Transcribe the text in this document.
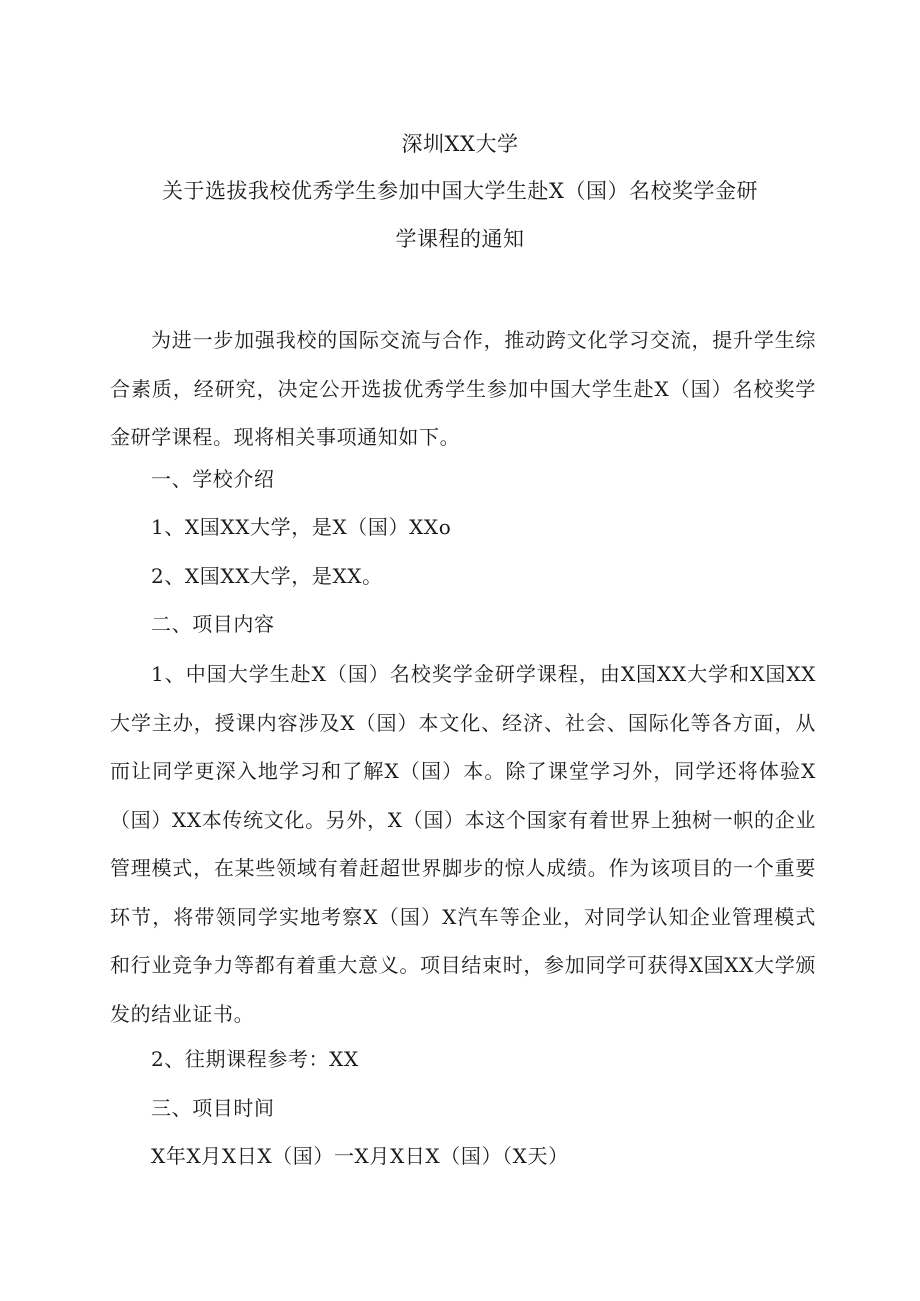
深圳XX大学
关于选拔我校优秀学生参加中国大学生赴X（国）名校奖学金研
学课程的通知

为进一步加强我校的国际交流与合作，推动跨文化学习交流，提升学生综合素质，经研究，决定公开选拔优秀学生参加中国大学生赴X（国）名校奖学金研学课程。现将相关事项通知如下。

一、学校介绍

1、X国XX大学，是X（国）XXo

2、X国XX大学，是XX。

二、项目内容

1、中国大学生赴X（国）名校奖学金研学课程，由X国XX大学和X国XX大学主办，授课内容涉及X（国）本文化、经济、社会、国际化等各方面，从而让同学更深入地学习和了解X（国）本。除了课堂学习外，同学还将体验X（国）XX本传统文化。另外，X（国）本这个国家有着世界上独树一帜的企业管理模式，在某些领域有着赶超世界脚步的惊人成绩。作为该项目的一个重要环节，将带领同学实地考察X（国）X汽车等企业，对同学认知企业管理模式和行业竞争力等都有着重大意义。项目结束时，参加同学可获得X国XX大学颁发的结业证书。

2、往期课程参考：XX

三、项目时间

X年X月X日X（国）一X月X日X（国）（X天）
